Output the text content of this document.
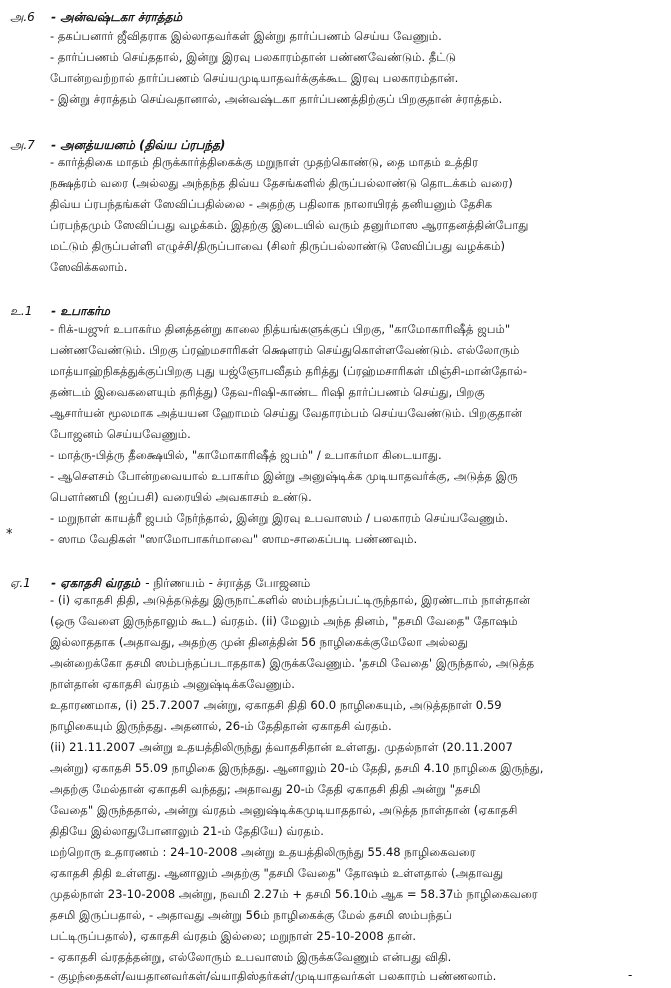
அ.6 - அன்வஷ்டகா ச்ராத்தம்
- தகப்பனார் ஜீவிதராக இல்லாதவர்கள் இன்று தார்ப்பணம் செய்ய வேணும்.
- தார்ப்பணம் செய்ததால், இன்று இரவு பலகாரம்தான் பண்ணவேண்டும். தீட்டு
போன்றவற்றால் தார்ப்பணம் செய்யமுடியாதவர்க்குக்கூட இரவு பலகாரம்தான்.
- இன்று ச்ராத்தம் செய்வதானால், அன்வஷ்டகா தார்ப்பணத்திற்குப் பிறகுதான் ச்ராத்தம்.
அ.7 - அனத்யயனம் (திவ்ய ப்ரபந்த)
- கார்த்திகை மாதம் திருக்கார்த்திகைக்கு மறுநாள் முதற்கொண்டு, தை மாதம் உத்திர
நக்ஷத்ரம் வரை (அல்லது அந்தந்த திவ்ய தேசங்களில் திருப்பல்லாண்டு தொடக்கம் வரை)
திவ்ய ப்ரபந்தங்கள் ஸேவிப்பதில்லை - அதற்கு பதிலாக நாலாயிரத் தனியனும் தேசிக
ப்ரபந்தமும் ஸேவிப்பது வழக்கம். இதற்கு இடையில் வரும் தனுர்மாஸ ஆராதனத்தின்போது
மட்டும் திருப்பள்ளி எழுச்சி/திருப்பாவை (சிலர் திருப்பல்லாண்டு ஸேவிப்பது வழக்கம்)
ஸேவிக்கலாம்.
உ.1 - உபாகர்ம
- ரிக்-யஜுர் உபாகர்ம தினத்தன்று காலை நித்யங்களுக்குப் பிறகு, "காமோகாரிஷீத் ஜபம்"
பண்ணவேண்டும். பிறகு ப்ரஹ்மசாரிகள் க்ஷௌரம் செய்துகொள்ளவேண்டும். எல்லோரும்
மாத்யாஹ்நிகத்துக்குப்பிறகு புது யஜ்ஞோபவீதம் தரித்து (ப்ரஹ்மசாரிகள் மிஞ்சி-மான்தோல்-
தண்டம் இவைகளையும் தரித்து) தேவ-ரிஷி-காண்ட ரிஷி தார்ப்பணம் செய்து, பிறகு
ஆசார்யன் மூலமாக அத்யயன ஹோமம் செய்து வேதாரம்பம் செய்யவேண்டும். பிறகுதான்
போஜனம் செய்யவேணும்.
- மாத்ரு-பித்ரு தீக்ஷையில், "காமோகாரிஷீத் ஜபம்" / உபாகர்மா கிடையாது.
- ஆசௌசம் போன்றவையால் உபாகர்ம இன்று அனுஷ்டிக்க முடியாதவர்க்கு, அடுத்த இரு
பௌர்ணமி (ஐப்பசி) வரையில் அவகாசம் உண்டு.
- மறுநாள் காயத்ரீ ஜபம் நேர்ந்தால், இன்று இரவு உபவாஸம் / பலகாரம் செய்யவேணும்.
*	- ஸாம வேதிகள் "ஸாமோபாகர்மாவை" ஸாம-சாகைப்படி பண்ணவும்.
ஏ.1 - ஏகாதசி வ்ரதம் - நிர்ணயம் - ச்ராத்த போஜனம்
- (i) ஏகாதசி திதி, அடுத்தடுத்து இருநாட்களில் ஸம்பந்தப்பட்டிருந்தால், இரண்டாம் நாள்தான்
(ஒரு வேளை இருந்தாலும் கூட) வ்ரதம். (ii) மேலும் அந்த தினம், "தசமி வேதை" தோஷம்
இல்லாததாக (அதாவது, அதற்கு முன் தினத்தின் 56 நாழிகைக்குமேலோ அல்லது
அன்றைக்கோ தசமி ஸம்பந்தப்படாததாக) இருக்கவேணும். 'தசமி வேதை' இருந்தால், அடுத்த
நாள்தான் ஏகாதசி வ்ரதம் அனுஷ்டிக்கவேணும்.
உதாரணமாக, (i) 25.7.2007 அன்று, ஏகாதசி திதி 60.0 நாழிகையும், அடுத்தநாள் 0.59
நாழிகையும் இருந்தது. அதனால், 26-ம் தேதிதான் ஏகாதசி வ்ரதம்.
(ii) 21.11.2007 அன்று உதயத்திலிருந்து த்வாதசிதான் உள்ளது. முதல்நாள் (20.11.2007
அன்று) ஏகாதசி 55.09 நாழிகை இருந்தது. ஆனாலும் 20-ம் தேதி, தசமி 4.10 நாழிகை இருந்து,
அதற்கு மேல்தான் ஏகாதசி வந்தது; அதாவது 20-ம் தேதி ஏகாதசி திதி அன்று "தசமி
வேதை" இருந்ததால், அன்று வ்ரதம் அனுஷ்டிக்கமுடியாததால், அடுத்த நாள்தான் (ஏகாதசி
திதியே இல்லாதுபோனாலும் 21-ம் தேதியே) வ்ரதம்.
மற்றொரு உதாரணம் : 24-10-2008 அன்று உதயத்திலிருந்து 55.48 நாழிகைவரை
ஏகாதசி திதி உள்ளது. ஆனாலும் அதற்கு "தசமி வேதை" தோஷம் உள்ளதால் (அதாவது
முதல்நாள் 23-10-2008 அன்று, நவமி 2.27ம் + தசமி 56.10ம் ஆக = 58.37ம் நாழிகைவரை
தசமி இருப்பதால், - அதாவது அன்று 56ம் நாழிகைக்கு மேல் தசமி ஸம்பந்தப்
பட்டிருப்பதால்), ஏகாதசி வ்ரதம் இல்லை; மறுநாள் 25-10-2008 தான்.
- ஏகாதசி வ்ரதத்தன்று, எல்லோரும் உபவாஸம் இருக்கவேணும் என்பது விதி.
- குழந்தைகள்/வயதானவர்கள்/வ்யாதிஸ்தர்கள்/முடியாதவர்கள் பலகாரம் பண்ணலாம்.	-
